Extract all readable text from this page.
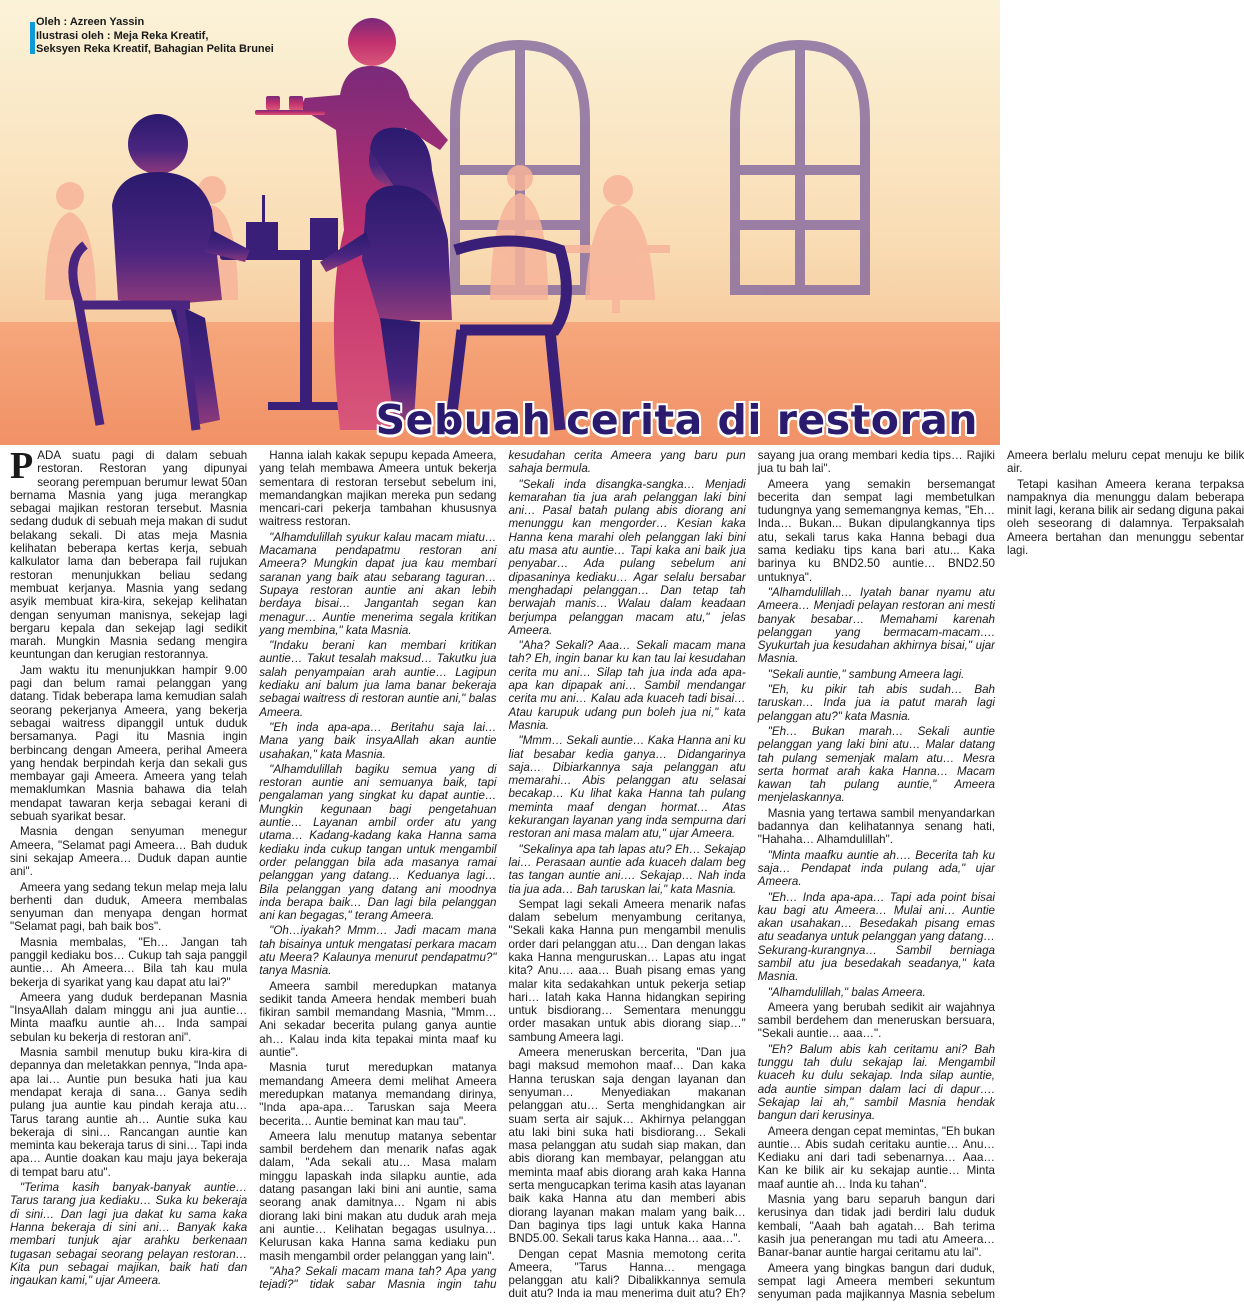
Oleh : Azreen Yassin
Ilustrasi oleh : Meja Reka Kreatif,
Seksyen Reka Kreatif, Bahagian Pelita Brunei
Sebuah cerita di restoran

PADA suatu pagi di dalam sebuah restoran. Restoran yang dipunyai seorang perempuan berumur lewat 50an bernama Masnia yang juga merangkap sebagai majikan restoran tersebut. Masnia sedang duduk di sebuah meja makan di sudut belakang sekali. Di atas meja Masnia kelihatan beberapa kertas kerja, sebuah kalkulator lama dan beberapa fail rujukan restoran menunjukkan beliau sedang membuat kerjanya. Masnia yang sedang asyik membuat kira-kira, sekejap kelihatan dengan senyuman manisnya, sekejap lagi bergaru kepala dan sekejap lagi sedikit marah. Mungkin Masnia sedang mengira keuntungan dan kerugian restorannya.

Jam waktu itu menunjukkan hampir 9.00 pagi dan belum ramai pelanggan yang datang. Tidak beberapa lama kemudian salah seorang pekerjanya Ameera, yang bekerja sebagai waitress dipanggil untuk duduk bersamanya. Pagi itu Masnia ingin berbincang dengan Ameera, perihal Ameera yang hendak berpindah kerja dan sekali gus membayar gaji Ameera. Ameera yang telah memaklumkan Masnia bahawa dia telah mendapat tawaran kerja sebagai kerani di sebuah syarikat besar.

Masnia dengan senyuman menegur Ameera, "Selamat pagi Ameera… Bah duduk sini sekajap Ameera… Duduk dapan auntie ani".

Ameera yang sedang tekun melap meja lalu berhenti dan duduk, Ameera membalas senyuman dan menyapa dengan hormat "Selamat pagi, bah baik bos".

Masnia membalas, "Eh… Jangan tah panggil kediaku bos… Cukup tah saja panggil auntie… Ah Ameera… Bila tah kau mula bekerja di syarikat yang kau dapat atu lai?"

Ameera yang duduk berdepanan Masnia "InsyaAllah dalam minggu ani jua auntie… Minta maafku auntie ah… Inda sampai sebulan ku bekerja di restoran ani".

Masnia sambil menutup buku kira-kira di depannya dan meletakkan pennya, "Inda apa-apa lai… Auntie pun besuka hati jua kau mendapat keraja di sana… Ganya sedih pulang jua auntie kau pindah keraja atu… Tarus tarang auntie ah… Auntie suka kau bekeraja di sini… Rancangan auntie kan meminta kau bekeraja tarus di sini… Tapi inda apa… Auntie doakan kau maju jaya bekeraja di tempat baru atu".

"Terima kasih banyak-banyak auntie… Tarus tarang jua kediaku… Suka ku bekeraja di sini… Dan lagi jua dakat ku sama kaka Hanna bekeraja di sini ani… Banyak kaka membari tunjuk ajar arahku berkenaan tugasan sebagai seorang pelayan restoran… Kita pun sebagai majikan, baik hati dan ingaukan kami," ujar Ameera.

Hanna ialah kakak sepupu kepada Ameera, yang telah membawa Ameera untuk bekerja sementara di restoran tersebut sebelum ini, memandangkan majikan mereka pun sedang mencari-cari pekerja tambahan khususnya waitress restoran.

"Alhamdulillah syukur kalau macam miatu… Macamana pendapatmu restoran ani Ameera? Mungkin dapat jua kau membari saranan yang baik atau sebarang taguran… Supaya restoran auntie ani akan lebih berdaya bisai… Jangantah segan kan menagur… Auntie menerima segala kritikan yang membina," kata Masnia.

"Indaku berani kan membari kritikan auntie… Takut tesalah maksud… Takutku jua salah penyampaian arah auntie… Lagipun kediaku ani balum jua lama banar bekeraja sebagai waitress di restoran auntie ani," balas Ameera.

"Eh inda apa-apa… Beritahu saja lai… Mana yang baik insyaAllah akan auntie usahakan," kata Masnia.

"Alhamdulillah bagiku semua yang di restoran auntie ani semuanya baik, tapi pengalaman yang singkat ku dapat auntie… Mungkin kegunaan bagi pengetahuan auntie… Layanan ambil order atu yang utama… Kadang-kadang kaka Hanna sama kediaku inda cukup tangan untuk mengambil order pelanggan bila ada masanya ramai pelanggan yang datang… Keduanya lagi… Bila pelanggan yang datang ani moodnya inda berapa baik… Dan lagi bila pelanggan ani kan begagas," terang Ameera.

"Oh…iyakah? Mmm… Jadi macam mana tah bisainya untuk mengatasi perkara macam atu Meera? Kalaunya menurut pendapatmu?" tanya Masnia.

Ameera sambil meredupkan matanya sedikit tanda Ameera hendak memberi buah fikiran sambil memandang Masnia, "Mmm… Ani sekadar becerita pulang ganya auntie ah… Kalau inda kita tepakai minta maaf ku auntie".

Masnia turut meredupkan matanya memandang Ameera demi melihat Ameera meredupkan matanya memandang dirinya, "Inda apa-apa… Taruskan saja Meera becerita… Auntie beminat kan mau tau".

Ameera lalu menutup matanya sebentar sambil berdehem dan menarik nafas agak dalam, "Ada sekali atu… Masa malam minggu lapaskah inda silapku auntie, ada datang pasangan laki bini ani auntie, sama seorang anak damitnya… Ngam ni abis diorang laki bini makan atu duduk arah meja ani auntie… Kelihatan begagas usulnya… Kelurusan kaka Hanna sama kediaku pun masih mengambil order pelanggan yang lain".

"Aha? Sekali macam mana tah? Apa yang tejadi?" tidak sabar Masnia ingin tahu kesudahan cerita Ameera yang baru pun sahaja bermula.

"Sekali inda disangka-sangka… Menjadi kemarahan tia jua arah pelanggan laki bini ani… Pasal batah pulang abis diorang ani menunggu kan mengorder… Kesian kaka Hanna kena marahi oleh pelanggan laki bini atu masa atu auntie… Tapi kaka ani baik jua penyabar… Ada pulang sebelum ani dipasaninya kediaku… Agar selalu bersabar menghadapi pelanggan… Dan tetap tah berwajah manis… Walau dalam keadaan berjumpa pelanggan macam atu," jelas Ameera.

"Aha? Sekali? Aaa… Sekali macam mana tah? Eh, ingin banar ku kan tau lai kesudahan cerita mu ani… Silap tah jua inda ada apa-apa kan dipapak ani… Sambil mendangar cerita mu ani… Kalau ada kuaceh tadi bisai… Atau karupuk udang pun boleh jua ni," kata Masnia.

"Mmm… Sekali auntie… Kaka Hanna ani ku liat besabar kedia ganya… Didangarinya saja… Dibiarkannya saja pelanggan atu memarahi… Abis pelanggan atu selasai becakap… Ku lihat kaka Hanna tah pulang meminta maaf dengan hormat… Atas kekurangan layanan yang inda sempurna dari restoran ani masa malam atu," ujar Ameera.

"Sekalinya apa tah lapas atu? Eh… Sekajap lai… Perasaan auntie ada kuaceh dalam beg tas tangan auntie ani…. Sekajap… Nah inda tia jua ada… Bah taruskan lai," kata Masnia.

Sempat lagi sekali Ameera menarik nafas dalam sebelum menyambung ceritanya, "Sekali kaka Hanna pun mengambil menulis order dari pelanggan atu… Dan dengan lakas kaka Hanna menguruskan… Lapas atu ingat kita? Anu…. aaa… Buah pisang emas yang malar kita sedakahkan untuk pekerja setiap hari… Iatah kaka Hanna hidangkan sepiring untuk bisdiorang… Sementara menunggu order masakan untuk abis diorang siap…" sambung Ameera lagi.

Ameera meneruskan bercerita, "Dan jua bagi maksud memohon maaf… Dan kaka Hanna teruskan saja dengan layanan dan senyuman… Menyediakan makanan pelanggan atu… Serta menghidangkan air suam serta air sajuk… Akhirnya pelanggan atu laki bini suka hati bisdiorang… Sekali masa pelanggan atu sudah siap makan, dan abis diorang kan membayar, pelanggan atu meminta maaf abis diorang arah kaka Hanna serta mengucapkan terima kasih atas layanan baik kaka Hanna atu dan memberi abis diorang layanan makan malam yang baik… Dan baginya tips lagi untuk kaka Hanna BND5.00. Sekali tarus kaka Hanna… aaa…".

Dengan cepat Masnia memotong cerita Ameera, "Tarus Hanna… mengaga pelanggan atu kali? Dibalikkannya semula duit atu? Inda ia mau menerima duit atu? Eh? sayang jua orang membari kedia tips… Rajiki jua tu bah lai".

Ameera yang semakin bersemangat becerita dan sempat lagi membetulkan tudungnya yang sememangnya kemas, "Eh… Inda… Bukan... Bukan dipulangkannya tips atu, sekali tarus kaka Hanna bebagi dua sama kediaku tips kana bari atu... Kaka barinya ku BND2.50 auntie… BND2.50 untuknya".

"Alhamdulillah… Iyatah banar nyamu atu Ameera… Menjadi pelayan restoran ani mesti banyak besabar… Memahami karenah pelanggan yang bermacam-macam…. Syukurtah jua kesudahan akhirnya bisai," ujar Masnia.

"Sekali auntie," sambung Ameera lagi.

"Eh, ku pikir tah abis sudah… Bah taruskan… Inda jua ia patut marah lagi pelanggan atu?" kata Masnia.

"Eh… Bukan marah… Sekali auntie pelanggan yang laki bini atu… Malar datang tah pulang semenjak malam atu… Mesra serta hormat arah kaka Hanna… Macam kawan tah pulang auntie," Ameera menjelaskannya.

Masnia yang tertawa sambil menyandarkan badannya dan kelihatannya senang hati, "Hahaha… Alhamdulillah".

"Minta maafku auntie ah…. Becerita tah ku saja… Pendapat inda pulang ada," ujar Ameera.

"Eh… Inda apa-apa… Tapi ada point bisai kau bagi atu Ameera… Mulai ani… Auntie akan usahakan… Besedakah pisang emas atu seadanya untuk pelanggan yang datang… Sekurang-kurangnya… Sambil berniaga sambil atu jua besedakah seadanya," kata Masnia.

"Alhamdulillah," balas Ameera.

Ameera yang berubah sedikit air wajahnya sambil berdehem dan meneruskan bersuara, "Sekali auntie… aaa…".

"Eh? Balum abis kah ceritamu ani? Bah tunggu tah dulu sekajap lai. Mengambil kuaceh ku dulu sekajap. Inda silap auntie, ada auntie simpan dalam laci di dapur…. Sekajap lai ah," sambil Masnia hendak bangun dari kerusinya.

Ameera dengan cepat memintas, "Eh bukan auntie… Abis sudah ceritaku auntie… Anu… Kediaku ani dari tadi sebenarnya… Aaa… Kan ke bilik air ku sekajap auntie… Minta maaf auntie ah… Inda ku tahan".

Masnia yang baru separuh bangun dari kerusinya dan tidak jadi berdiri lalu duduk kembali, "Aaah bah agatah… Bah terima kasih jua penerangan mu tadi atu Ameera… Banar-banar auntie hargai ceritamu atu lai".

Ameera yang bingkas bangun dari duduk, sempat lagi Ameera memberi sekuntum senyuman pada majikannya Masnia sebelum Ameera berlalu meluru cepat menuju ke bilik air.

Tetapi kasihan Ameera kerana terpaksa nampaknya dia menunggu dalam beberapa minit lagi, kerana bilik air sedang diguna pakai oleh seseorang di dalamnya. Terpaksalah Ameera bertahan dan menunggu sebentar lagi.
